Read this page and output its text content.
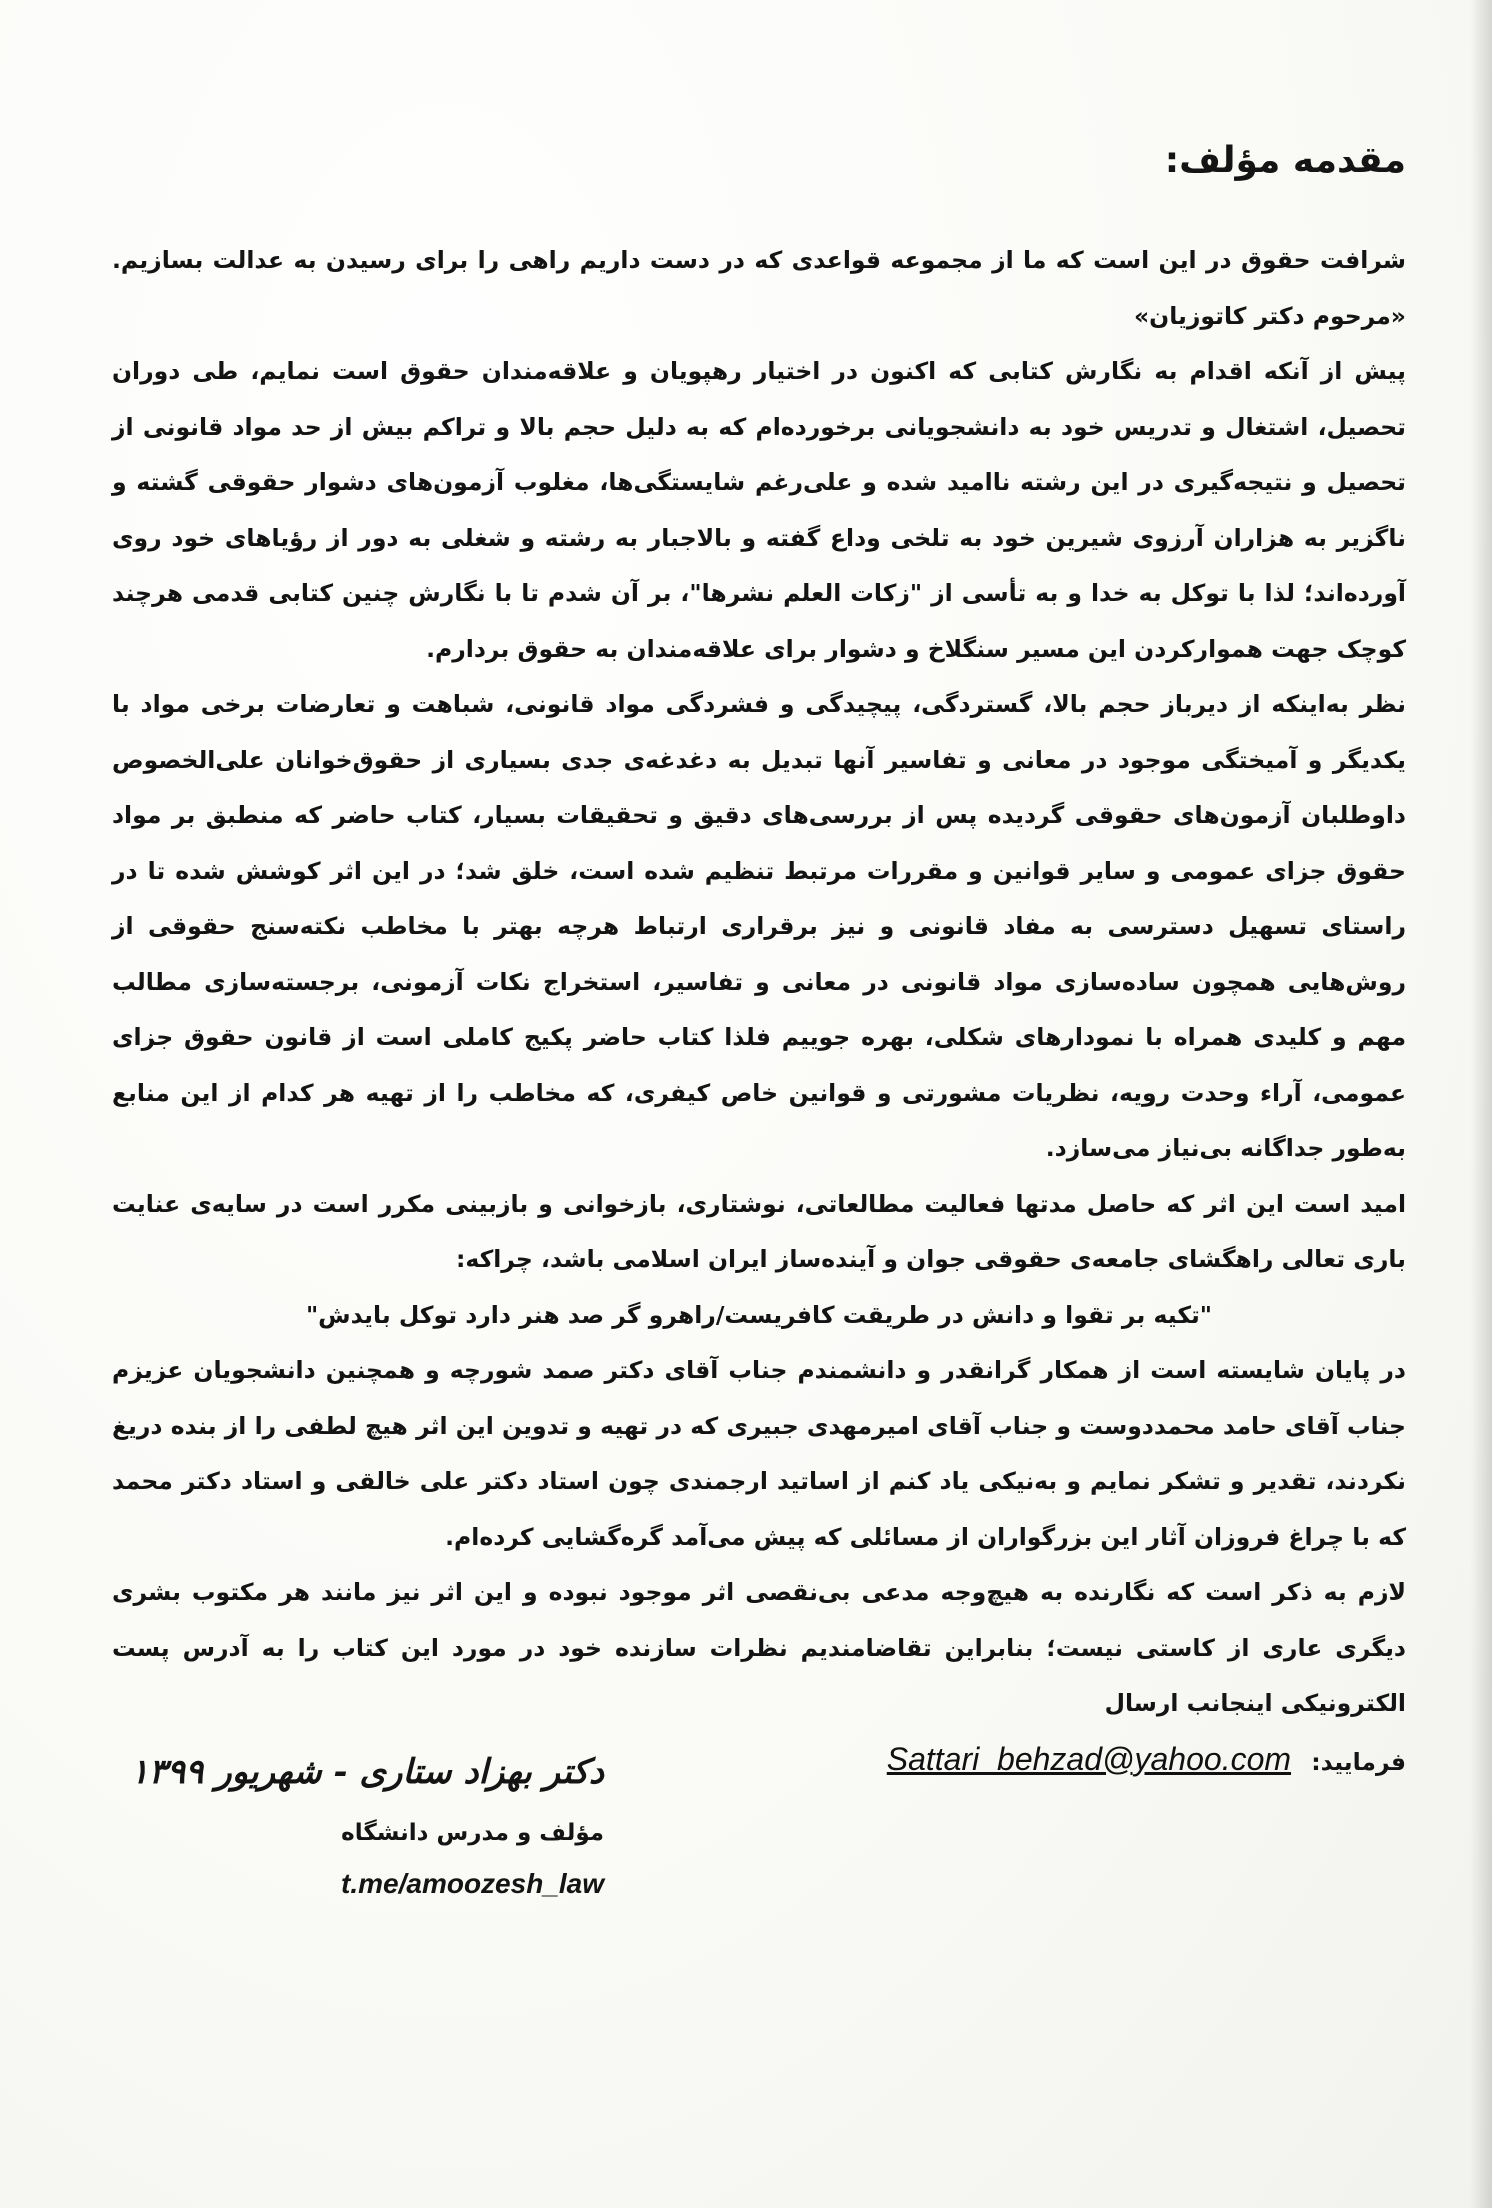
مقدمه مؤلف:

شرافت حقوق در این است که ما از مجموعه قواعدی که در دست داریم راهی را برای رسیدن به عدالت بسازیم. «مرحوم دکتر کاتوزیان»

پیش از آنکه اقدام به نگارش کتابی که اکنون در اختیار رهپویان و علاقه‌مندان حقوق است نمایم، طی دوران تحصیل، اشتغال و تدریس خود به دانشجویانی برخورده‌ام که به دلیل حجم بالا و تراکم بیش از حد مواد قانونی از تحصیل و نتیجه‌گیری در این رشته ناامید شده و علی‌رغم شایستگی‌ها، مغلوب آزمون‌های دشوار حقوقی گشته و ناگزیر به هزاران آرزوی شیرین خود به تلخی وداع گفته و بالاجبار به رشته و شغلی به دور از رؤیاهای خود روی آورده‌اند؛ لذا با توکل به خدا و به تأسی از "زکات العلم نشرها"، بر آن شدم تا با نگارش چنین کتابی قدمی هرچند کوچک جهت هموارکردن این مسیر سنگلاخ و دشوار برای علاقه‌مندان به حقوق بردارم.

نظر به‌اینکه از دیرباز حجم بالا، گستردگی، پیچیدگی و فشردگی مواد قانونی، شباهت و تعارضات برخی مواد با یکدیگر و آمیختگی موجود در معانی و تفاسیر آنها تبدیل به دغدغه‌ی جدی بسیاری از حقوق‌خوانان علی‌الخصوص داوطلبان آزمون‌های حقوقی گردیده پس از بررسی‌های دقیق و تحقیقات بسیار، کتاب حاضر که منطبق بر مواد حقوق جزای عمومی و سایر قوانین و مقررات مرتبط تنظیم شده است، خلق شد؛ در این اثر کوشش شده تا در راستای تسهیل دسترسی به مفاد قانونی و نیز برقراری ارتباط هرچه بهتر با مخاطب نکته‌سنج حقوقی از روش‌هایی همچون ساده‌سازی مواد قانونی در معانی و تفاسیر، استخراج نکات آزمونی، برجسته‌سازی مطالب مهم و کلیدی همراه با نمودارهای شکلی، بهره جوییم فلذا کتاب حاضر پکیج کاملی است از قانون حقوق جزای عمومی، آراء وحدت رویه، نظریات مشورتی و قوانین خاص کیفری، که مخاطب را از تهیه هر کدام از این منابع به‌طور جداگانه بی‌نیاز می‌سازد.

امید است این اثر که حاصل مدتها فعالیت مطالعاتی، نوشتاری، بازخوانی و بازبینی مکرر است در سایه‌ی عنایت باری تعالی راهگشای جامعه‌ی حقوقی جوان و آینده‌ساز ایران اسلامی باشد، چراکه:

"تکیه بر تقوا و دانش در طریقت کافریست/راهرو گر صد هنر دارد توکل بایدش"

در پایان شایسته است از همکار گرانقدر و دانشمندم جناب آقای دکتر صمد شورچه و همچنین دانشجویان عزیزم جناب آقای حامد محمددوست و جناب آقای امیرمهدی جبیری که در تهیه و تدوین این اثر هیچ لطفی را از بنده دریغ نکردند، تقدیر و تشکر نمایم و به‌نیکی یاد کنم از اساتید ارجمندی چون استاد دکتر علی خالقی و استاد دکتر محمد که با چراغ فروزان آثار این بزرگواران از مسائلی که پیش می‌آمد گره‌گشایی کرده‌ام.

لازم به ذکر است که نگارنده به هیچ‌وجه مدعی بی‌نقصی اثر موجود نبوده و این اثر نیز مانند هر مکتوب بشری دیگری عاری از کاستی نیست؛ بنابراین تقاضامندیم نظرات سازنده خود در مورد این کتاب را به آدرس پست الکترونیکی اینجانب ارسال

فرمایید: Sattari_behzad@yahoo.com

دکتر بهزاد ستاری - شهریور ۱۳۹۹

مؤلف و مدرس دانشگاه

t.me/amoozesh_law
